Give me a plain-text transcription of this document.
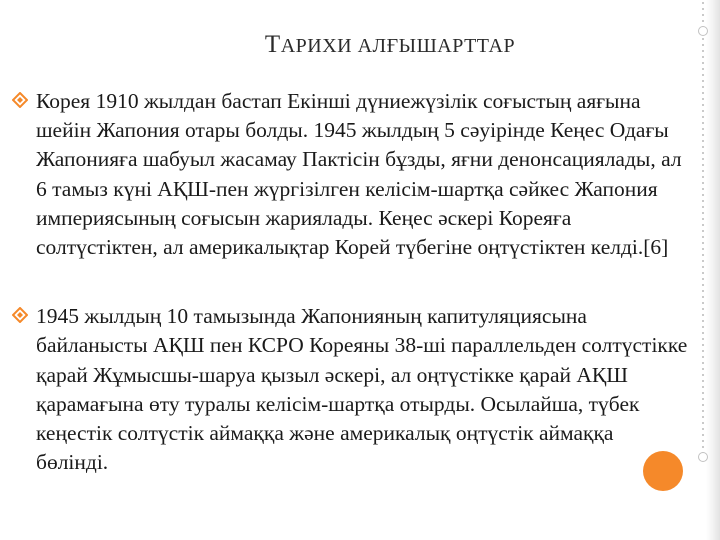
ТАРИХИ АЛҒЫШАРТТАР

Корея 1910 жылдан бастап Екінші дүниежүзілік соғыстың аяғына шейін Жапония отары болды. 1945 жылдың 5 сәуірінде Кеңес Одағы Жапонияға шабуыл жасамау Пактісін бұзды, яғни денонсациялады, ал 6 тамыз күні АҚШ-пен жүргізілген келісім-шартқа сәйкес Жапония империясының соғысын жариялады. Кеңес әскері Кореяға солтүстіктен, ал америкалықтар Корей түбегіне оңтүстіктен келді.[6]

1945 жылдың 10 тамызында Жапонияның капитуляциясына байланысты АҚШ пен КСРО Кореяны 38-ші параллельден солтүстікке қарай Жұмысшы-шаруа қызыл әскері, ал оңтүстікке қарай АҚШ қарамағына өту туралы келісім-шартқа отырды. Осылайша, түбек кеңестік солтүстік аймаққа және америкалық оңтүстік аймаққа бөлінді.
